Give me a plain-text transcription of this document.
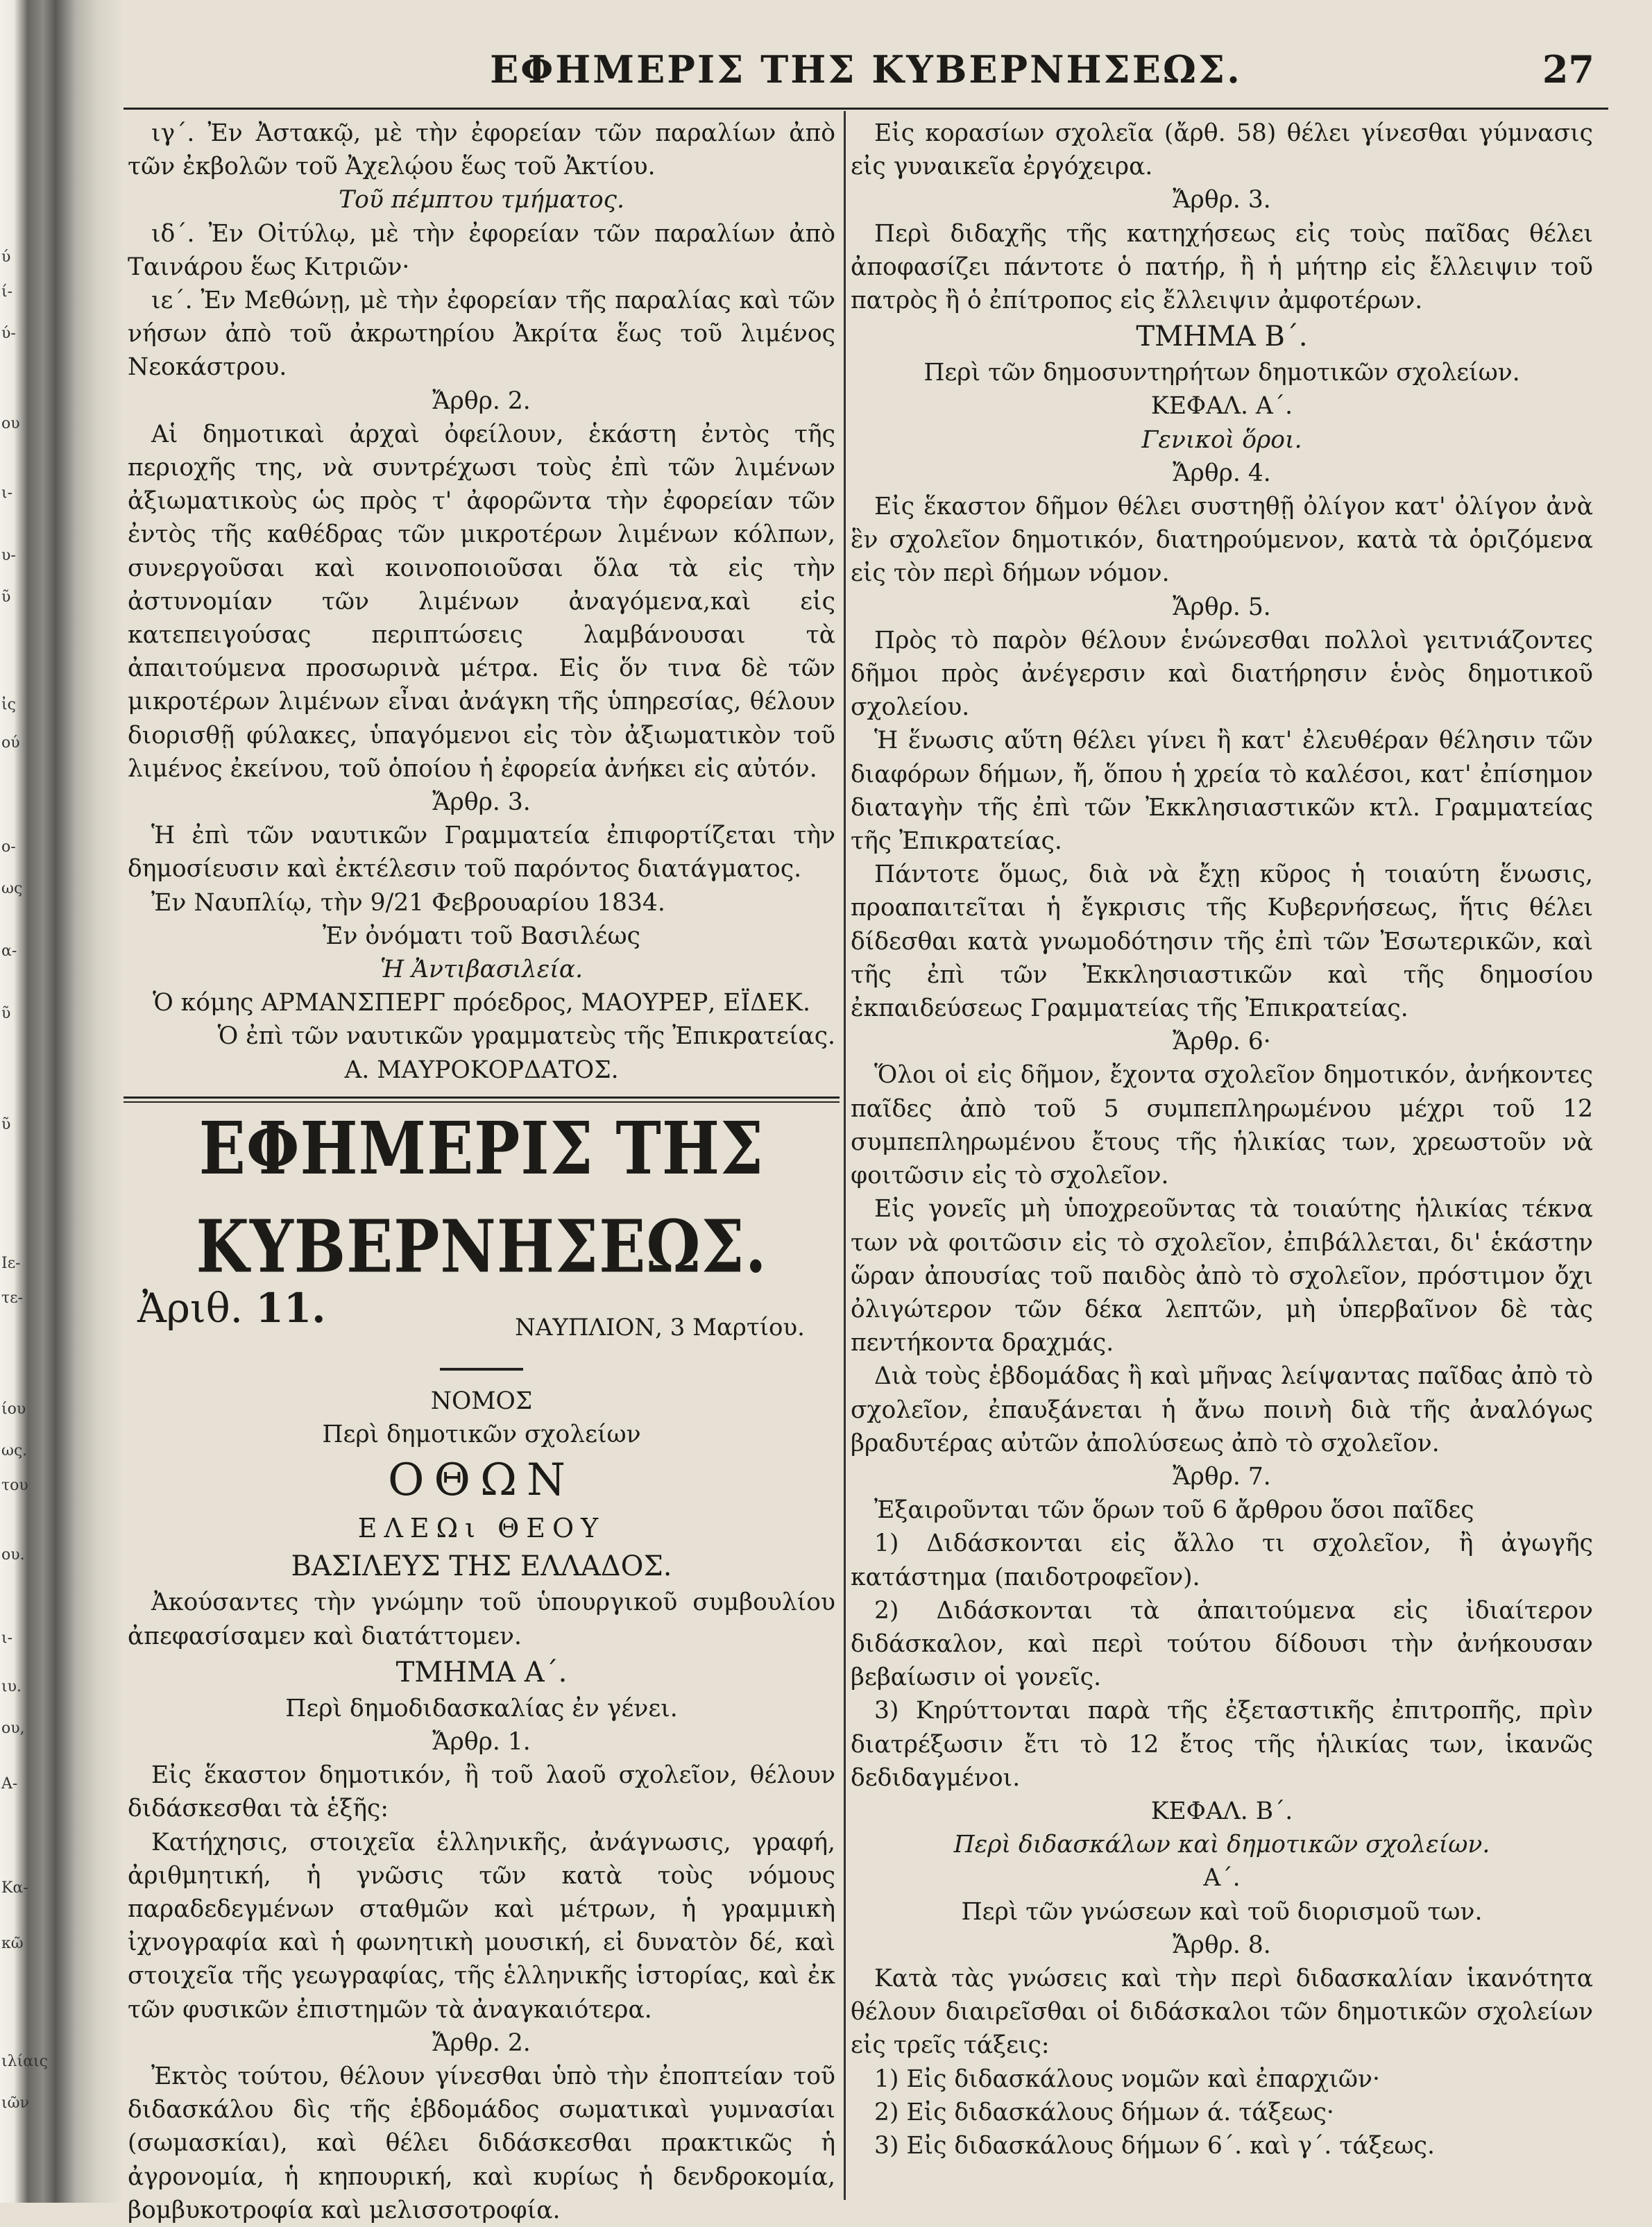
ύ
ί-
ύ-
ου
ι-
υ-
ῦ
ἰς
ού
ο-
ως
α-
ῦ
ῦ
Ιε-
τε-
ίου
ως.
του
ου.
ι-
ιυ.
ου,
Α-
Κα-
κῶ
ιλίαις
ιῶν
ΕΦΗΜΕΡΙΣ ΤΗΣ ΚΥΒΕΡΝΗΣΕΩΣ.	27
ιγ΄. Ἐν Ἀστακῷ, μὲ τὴν ἐφορείαν τῶν παραλίων ἀπὸ τῶν ἐκβολῶν τοῦ Ἀχελῴου ἕως τοῦ Ἀκτίου.
Τοῦ πέμπτου τμήματος.
ιδ΄. Ἐν Οἰτύλῳ, μὲ τὴν ἐφορείαν τῶν παραλίων ἀπὸ Ταινάρου ἕως Κιτριῶν·
ιε΄. Ἐν Μεθώνῃ, μὲ τὴν ἐφορείαν τῆς παραλίας καὶ τῶν νήσων ἀπὸ τοῦ ἀκρωτηρίου Ἀκρίτα ἕως τοῦ λιμένος Νεοκάστρου.
Ἄρθρ. 2.
Αἱ δημοτικαὶ ἀρχαὶ ὀφείλουν, ἑκάστη ἐντὸς τῆς περιοχῆς της, νὰ συντρέχωσι τοὺς ἐπὶ τῶν λιμένων ἀξιωματικοὺς ὡς πρὸς τ' ἀφορῶντα τὴν ἐφορείαν τῶν ἐντὸς τῆς καθέδρας τῶν μικροτέρων λιμένων κόλπων, συνεργοῦσαι καὶ κοινοποιοῦσαι ὅλα τὰ εἰς τὴν ἀστυνομίαν τῶν λιμένων ἀναγόμενα,καὶ εἰς κατεπειγούσας περιπτώσεις λαμβάνουσαι τὰ ἀπαιτούμενα προσωρινὰ μέτρα. Εἰς ὅν τινα δὲ τῶν μικροτέρων λιμένων εἶναι ἀνάγκη τῆς ὑπηρεσίας, θέλουν διορισθῇ φύλακες, ὑπαγόμενοι εἰς τὸν ἀξιωματικὸν τοῦ λιμένος ἐκείνου, τοῦ ὁποίου ἡ ἐφορεία ἀνήκει εἰς αὐτόν.
Ἄρθρ. 3.
Ἡ ἐπὶ τῶν ναυτικῶν Γραμματεία ἐπιφορτίζεται τὴν δημοσίευσιν καὶ ἐκτέλεσιν τοῦ παρόντος διατάγματος.
Ἐν Ναυπλίῳ, τὴν 9/21 Φεβρουαρίου 1834.
Ἐν ὀνόματι τοῦ Βασιλέως
Ἡ Ἀντιβασιλεία.
Ὁ κόμης ΑΡΜΑΝΣΠΕΡΓ πρόεδρος, ΜΑΟΥΡΕΡ, ΕΪΔΕΚ.
Ὁ ἐπὶ τῶν ναυτικῶν γραμματεὺς τῆς Ἐπικρατείας.
Α. ΜΑΥΡΟΚΟΡΔΑΤΟΣ.
ΕΦΗΜΕΡΙΣ ΤΗΣ ΚΥΒΕΡΝΗΣΕΩΣ.
Ἀριθ. 11.	ΝΑΥΠΛΙΟΝ, 3 Μαρτίου.
ΝΟΜΟΣ
Περὶ δημοτικῶν σχολείων
ΟΘΩΝ
ΕΛΕΩι ΘΕΟΥ
ΒΑΣΙΛΕΥΣ ΤΗΣ ΕΛΛΑΔΟΣ.
Ἀκούσαντες τὴν γνώμην τοῦ ὑπουργικοῦ συμβουλίου ἀπεφασίσαμεν καὶ διατάττομεν.
ΤΜΗΜΑ Α΄.
Περὶ δημοδιδασκαλίας ἐν γένει.
Ἄρθρ. 1.
Εἰς ἕκαστον δημοτικόν, ἢ τοῦ λαοῦ σχολεῖον, θέλουν διδάσκεσθαι τὰ ἑξῆς:
Κατήχησις, στοιχεῖα ἑλληνικῆς, ἀνάγνωσις, γραφή, ἀριθμητική, ἡ γνῶσις τῶν κατὰ τοὺς νόμους παραδεδεγμένων σταθμῶν καὶ μέτρων, ἡ γραμμικὴ ἰχνογραφία καὶ ἡ φωνητικὴ μουσική, εἰ δυνατὸν δέ, καὶ στοιχεῖα τῆς γεωγραφίας, τῆς ἑλληνικῆς ἱστορίας, καὶ ἐκ τῶν φυσικῶν ἐπιστημῶν τὰ ἀναγκαιότερα.
Ἄρθρ. 2.
Ἐκτὸς τούτου, θέλουν γίνεσθαι ὑπὸ τὴν ἐποπτείαν τοῦ διδασκάλου δὶς τῆς ἑβδομάδος σωματικαὶ γυμνασίαι (σωμασκίαι), καὶ θέλει διδάσκεσθαι πρακτικῶς ἡ ἀγρονομία, ἡ κηπουρική, καὶ κυρίως ἡ δενδροκομία, βομβυκοτροφία καὶ μελισσοτροφία.
Εἰς κορασίων σχολεῖα (ἄρθ. 58) θέλει γίνεσθαι γύμνασις εἰς γυναικεῖα ἐργόχειρα.
Ἄρθρ. 3.
Περὶ διδαχῆς τῆς κατηχήσεως εἰς τοὺς παῖδας θέλει ἀποφασίζει πάντοτε ὁ πατήρ, ἢ ἡ μήτηρ εἰς ἔλλειψιν τοῦ πατρὸς ἢ ὁ ἐπίτροπος εἰς ἔλλειψιν ἀμφοτέρων.
ΤΜΗΜΑ Β΄.
Περὶ τῶν δημοσυντηρήτων δημοτικῶν σχολείων.
ΚΕΦΑΛ. Α΄.
Γενικοὶ ὅροι.
Ἄρθρ. 4.
Εἰς ἕκαστον δῆμον θέλει συστηθῇ ὀλίγον κατ' ὀλίγον ἀνὰ ἓν σχολεῖον δημοτικόν, διατηρούμενον, κατὰ τὰ ὁριζόμενα εἰς τὸν περὶ δήμων νόμον.
Ἄρθρ. 5.
Πρὸς τὸ παρὸν θέλουν ἑνώνεσθαι πολλοὶ γειτνιάζοντες δῆμοι πρὸς ἀνέγερσιν καὶ διατήρησιν ἑνὸς δημοτικοῦ σχολείου.
Ἡ ἕνωσις αὕτη θέλει γίνει ἢ κατ' ἐλευθέραν θέλησιν τῶν διαφόρων δήμων, ἤ, ὅπου ἡ χρεία τὸ καλέσοι, κατ' ἐπίσημον διαταγὴν τῆς ἐπὶ τῶν Ἐκκλησιαστικῶν κτλ. Γραμματείας τῆς Ἐπικρατείας.
Πάντοτε ὅμως, διὰ νὰ ἔχῃ κῦρος ἡ τοιαύτη ἕνωσις, προαπαιτεῖται ἡ ἔγκρισις τῆς Κυβερνήσεως, ἥτις θέλει δίδεσθαι κατὰ γνωμοδότησιν τῆς ἐπὶ τῶν Ἐσωτερικῶν, καὶ τῆς ἐπὶ τῶν Ἐκκλησιαστικῶν καὶ τῆς δημοσίου ἐκπαιδεύσεως Γραμματείας τῆς Ἐπικρατείας.
Ἄρθρ. 6·
Ὅλοι οἱ εἰς δῆμον, ἔχοντα σχολεῖον δημοτικόν, ἀνήκοντες παῖδες ἀπὸ τοῦ 5 συμπεπληρωμένου μέχρι τοῦ 12 συμπεπληρωμένου ἔτους τῆς ἡλικίας των, χρεωστοῦν νὰ φοιτῶσιν εἰς τὸ σχολεῖον.
Εἰς γονεῖς μὴ ὑποχρεοῦντας τὰ τοιαύτης ἡλικίας τέκνα των νὰ φοιτῶσιν εἰς τὸ σχολεῖον, ἐπιβάλλεται, δι' ἑκάστην ὥραν ἀπουσίας τοῦ παιδὸς ἀπὸ τὸ σχολεῖον, πρόστιμον ὄχι ὀλιγώτερον τῶν δέκα λεπτῶν, μὴ ὑπερβαῖνον δὲ τὰς πεντήκοντα δραχμάς.
Διὰ τοὺς ἑβδομάδας ἢ καὶ μῆνας λείψαντας παῖδας ἀπὸ τὸ σχολεῖον, ἐπαυξάνεται ἡ ἄνω ποινὴ διὰ τῆς ἀναλόγως βραδυτέρας αὐτῶν ἀπολύσεως ἀπὸ τὸ σχολεῖον.
Ἄρθρ. 7.
Ἐξαιροῦνται τῶν ὅρων τοῦ 6 ἄρθρου ὅσοι παῖδες
1) Διδάσκονται εἰς ἄλλο τι σχολεῖον, ἢ ἀγωγῆς κατάστημα (παιδοτροφεῖον).
2) Διδάσκονται τὰ ἀπαιτούμενα εἰς ἰδιαίτερον διδάσκαλον, καὶ περὶ τούτου δίδουσι τὴν ἀνήκουσαν βεβαίωσιν οἱ γονεῖς.
3) Κηρύττονται παρὰ τῆς ἐξεταστικῆς ἐπιτροπῆς, πρὶν διατρέξωσιν ἔτι τὸ 12 ἔτος τῆς ἡλικίας των, ἱκανῶς δεδιδαγμένοι.
ΚΕΦΑΛ. Β΄.
Περὶ διδασκάλων καὶ δημοτικῶν σχολείων.
Α΄.
Περὶ τῶν γνώσεων καὶ τοῦ διορισμοῦ των.
Ἄρθρ. 8.
Κατὰ τὰς γνώσεις καὶ τὴν περὶ διδασκαλίαν ἱκανότητα θέλουν διαιρεῖσθαι οἱ διδάσκαλοι τῶν δημοτικῶν σχολείων εἰς τρεῖς τάξεις:
1) Εἰς διδασκάλους νομῶν καὶ ἐπαρχιῶν·
2) Εἰς διδασκάλους δήμων ά. τάξεως·
3) Εἰς διδασκάλους δήμων 6΄. καὶ γ΄. τάξεως.
